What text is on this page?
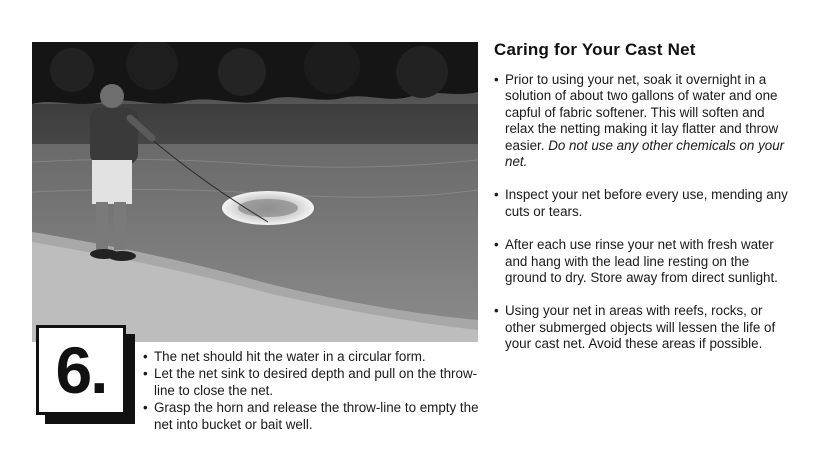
6.
•	The net should hit the water in a circular form.
• Let the net sink to desired depth and pull on the throw-line to close the net.
• Grasp the horn and release the throw-line to empty the net into bucket or bait well.
Caring for Your Cast Net
• Prior to using your net, soak it overnight in a solution of about two gallons of water and one capful of fabric softener. This will soften and relax the netting making it lay flatter and throw easier. Do not use any other chemicals on your net.
• Inspect your net before every use, mending any cuts or tears.
• After each use rinse your net with fresh water and hang with the lead line resting on the ground to dry. Store away from direct sunlight.
• Using your net in areas with reefs, rocks, or other submerged objects will lessen the life of your cast net. Avoid these areas if possible.
